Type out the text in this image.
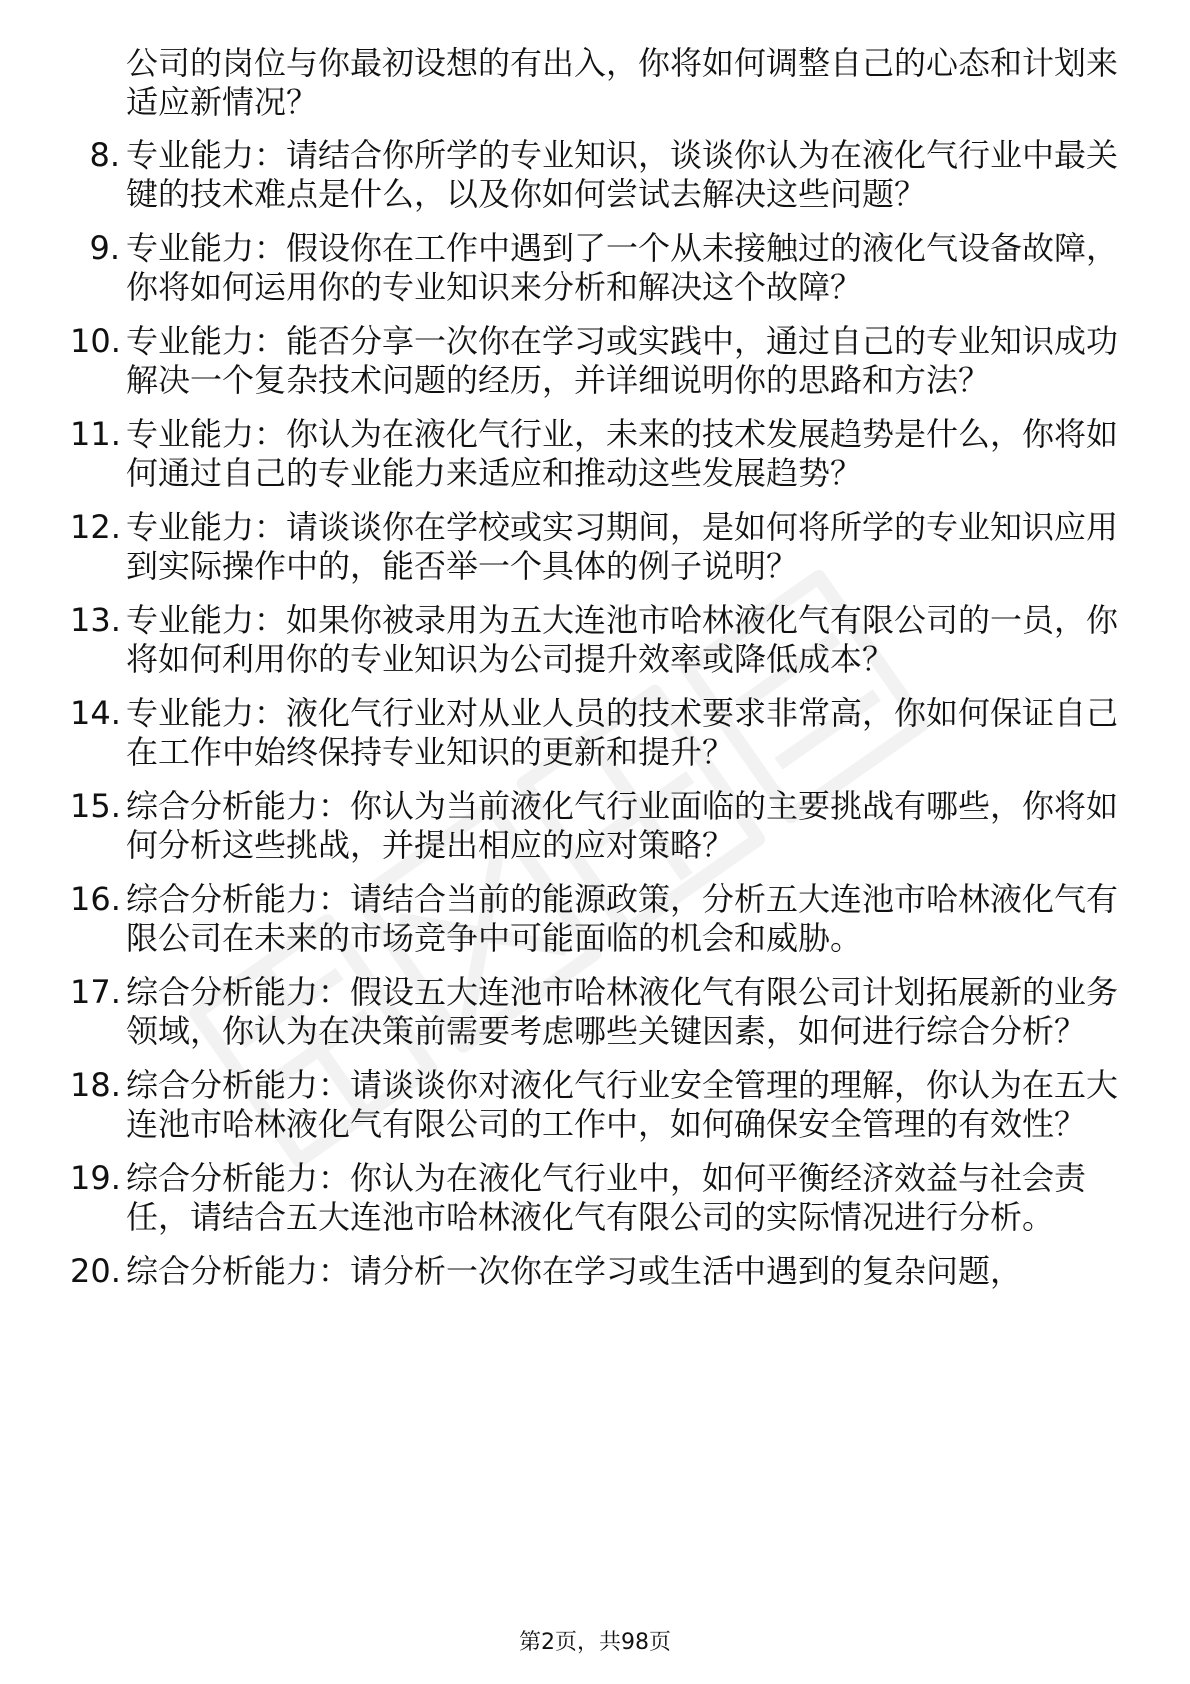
公司的岗位与你最初设想的有出入，你将如何调整自己的心态和计划来适应新情况？
8. 专业能力：请结合你所学的专业知识，谈谈你认为在液化气行业中最关键的技术难点是什么，以及你如何尝试去解决这些问题？
9. 专业能力：假设你在工作中遇到了一个从未接触过的液化气设备故障，你将如何运用你的专业知识来分析和解决这个故障？
10. 专业能力：能否分享一次你在学习或实践中，通过自己的专业知识成功解决一个复杂技术问题的经历，并详细说明你的思路和方法？
11. 专业能力：你认为在液化气行业，未来的技术发展趋势是什么，你将如何通过自己的专业能力来适应和推动这些发展趋势？
12. 专业能力：请谈谈你在学校或实习期间，是如何将所学的专业知识应用到实际操作中的，能否举一个具体的例子说明？
13. 专业能力：如果你被录用为五大连池市哈林液化气有限公司的一员，你将如何利用你的专业知识为公司提升效率或降低成本？
14. 专业能力：液化气行业对从业人员的技术要求非常高，你如何保证自己在工作中始终保持专业知识的更新和提升？
15. 综合分析能力：你认为当前液化气行业面临的主要挑战有哪些，你将如何分析这些挑战，并提出相应的应对策略？
16. 综合分析能力：请结合当前的能源政策，分析五大连池市哈林液化气有限公司在未来的市场竞争中可能面临的机会和威胁。
17. 综合分析能力：假设五大连池市哈林液化气有限公司计划拓展新的业务领域，你认为在决策前需要考虑哪些关键因素，如何进行综合分析？
18. 综合分析能力：请谈谈你对液化气行业安全管理的理解，你认为在五大连池市哈林液化气有限公司的工作中，如何确保安全管理的有效性？
19. 综合分析能力：你认为在液化气行业中，如何平衡经济效益与社会责任，请结合五大连池市哈林液化气有限公司的实际情况进行分析。
20. 综合分析能力：请分析一次你在学习或生活中遇到的复杂问题，
第2页，共98页
